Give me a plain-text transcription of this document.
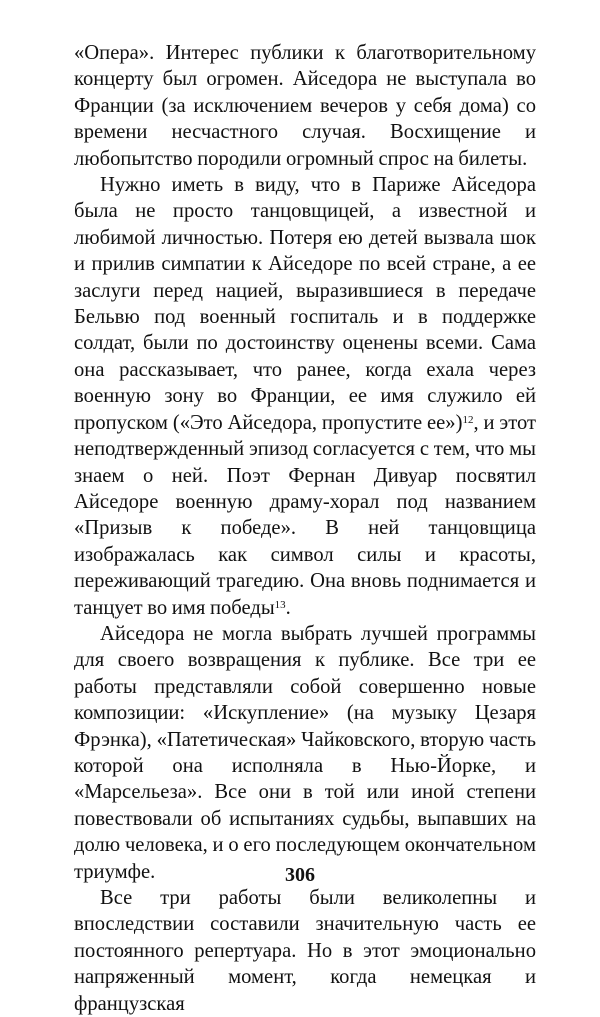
«Опера». Интерес публики к благотворительному концерту был огромен. Айседора не выступала во Франции (за исключением вечеров у себя дома) со времени несчастного случая. Восхищение и любопытство породили огромный спрос на билеты.

Нужно иметь в виду, что в Париже Айседора была не просто танцовщицей, а известной и любимой личностью. Потеря ею детей вызвала шок и прилив симпатии к Айседоре по всей стране, а ее заслуги перед нацией, выразившиеся в передаче Бельвю под военный госпиталь и в поддержке солдат, были по достоинству оценены всеми. Сама она рассказывает, что ранее, когда ехала через военную зону во Франции, ее имя служило ей пропуском («Это Айседора, пропустите ее»)$^{12}$, и этот неподтвержденный эпизод согласуется с тем, что мы знаем о ней. Поэт Фернан Дивуар посвятил Айседоре военную драму-хорал под названием «Призыв к победе». В ней танцовщица изображалась как символ силы и красоты, переживающий трагедию. Она вновь поднимается и танцует во имя победы$^{13}$.

Айседора не могла выбрать лучшей программы для своего возвращения к публике. Все три ее работы представляли собой совершенно новые композиции: «Искупление» (на музыку Цезаря Фрэнка), «Патетическая» Чайковского, вторую часть которой она исполняла в Нью-Йорке, и «Марсельеза». Все они в той или иной степени повествовали об испытаниях судьбы, выпавших на долю человека, и о его последующем окончательном триумфе.

Все три работы были великолепны и впоследствии составили значительную часть ее постоянного репертуара. Но в этот эмоционально напряженный момент, когда немецкая и французская

306
